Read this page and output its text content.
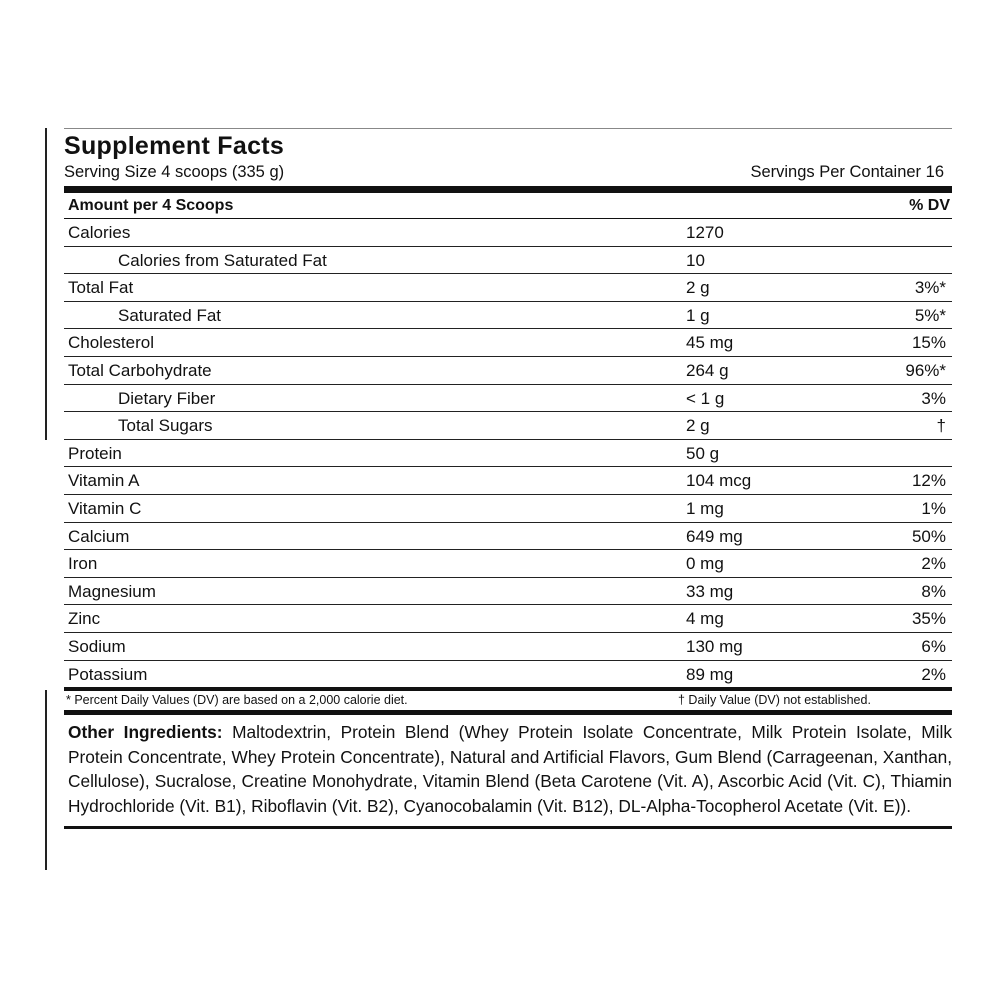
Supplement Facts
Serving Size 4 scoops (335 g)	Servings Per Container 16
Amount per 4 Scoops	% DV
Calories	1270
Calories from Saturated Fat	10
Total Fat	2 g	3%*
Saturated Fat	1 g	5%*
Cholesterol	45 mg	15%
Total Carbohydrate	264 g	96%*
Dietary Fiber	< 1 g	3%
Total Sugars	2 g	†
Protein	50 g
Vitamin A	104 mcg	12%
Vitamin C	1 mg	1%
Calcium	649 mg	50%
Iron	0 mg	2%
Magnesium	33 mg	8%
Zinc	4 mg	35%
Sodium	130 mg	6%
Potassium	89 mg	2%
* Percent Daily Values (DV) are based on a 2,000 calorie diet.	† Daily Value (DV) not established.
Other Ingredients: Maltodextrin, Protein Blend (Whey Protein Isolate Concentrate, Milk Protein Isolate, Milk Protein Concentrate, Whey Protein Concentrate), Natural and Artificial Flavors, Gum Blend (Carrageenan, Xanthan, Cellulose), Sucralose, Creatine Monohydrate, Vitamin Blend (Beta Carotene (Vit. A), Ascorbic Acid (Vit. C), Thiamin Hydrochloride (Vit. B1), Riboflavin (Vit. B2), Cyanocobalamin (Vit. B12), DL-Alpha-Tocopherol Acetate (Vit. E)).
